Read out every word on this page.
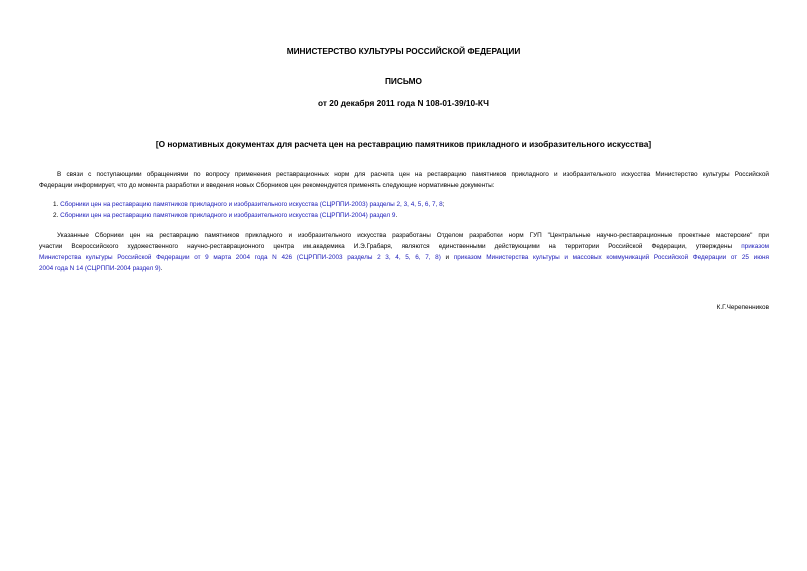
МИНИСТЕРСТВО КУЛЬТУРЫ РОССИЙСКОЙ ФЕДЕРАЦИИ
ПИСЬМО
от 20 декабря 2011 года N 108-01-39/10-КЧ
[О нормативных документах для расчета цен на реставрацию памятников прикладного и изобразительного искусства]
В связи с поступающими обращениями по вопросу применения реставрационных норм для расчета цен на реставрацию памятников прикладного и изобразительного искусства Министерство культуры Российской
Федерации информирует, что до момента разработки и введения новых Сборников цен рекомендуется применять следующие нормативные документы:
1. Сборники цен на реставрацию памятников прикладного и изобразительного искусства (СЦРППИ-2003) разделы 2, 3, 4, 5, 6, 7, 8;
2. Сборники цен на реставрацию памятников прикладного и изобразительного искусства (СЦРППИ-2004) раздел 9.
Указанные Сборники цен на реставрацию памятников прикладного и изобразительного искусства разработаны Отделом разработки норм ГУП "Центральные научно-реставрационные проектные мастерские" при
участии Всероссийского художественного научно-реставрационного центра им.академика И.Э.Грабаря, являются единственными действующими на территории Российской Федерации, утверждены приказом
Министерства культуры Российской Федерации от 9 марта 2004 года N 426 (СЦРППИ-2003 разделы 2 3, 4, 5, 6, 7, 8) и приказом Министерства культуры и массовых коммуникаций Российской Федерации от 25 июня
2004 года N 14 (СЦРППИ-2004 раздел 9).
К.Г.Черепенников
